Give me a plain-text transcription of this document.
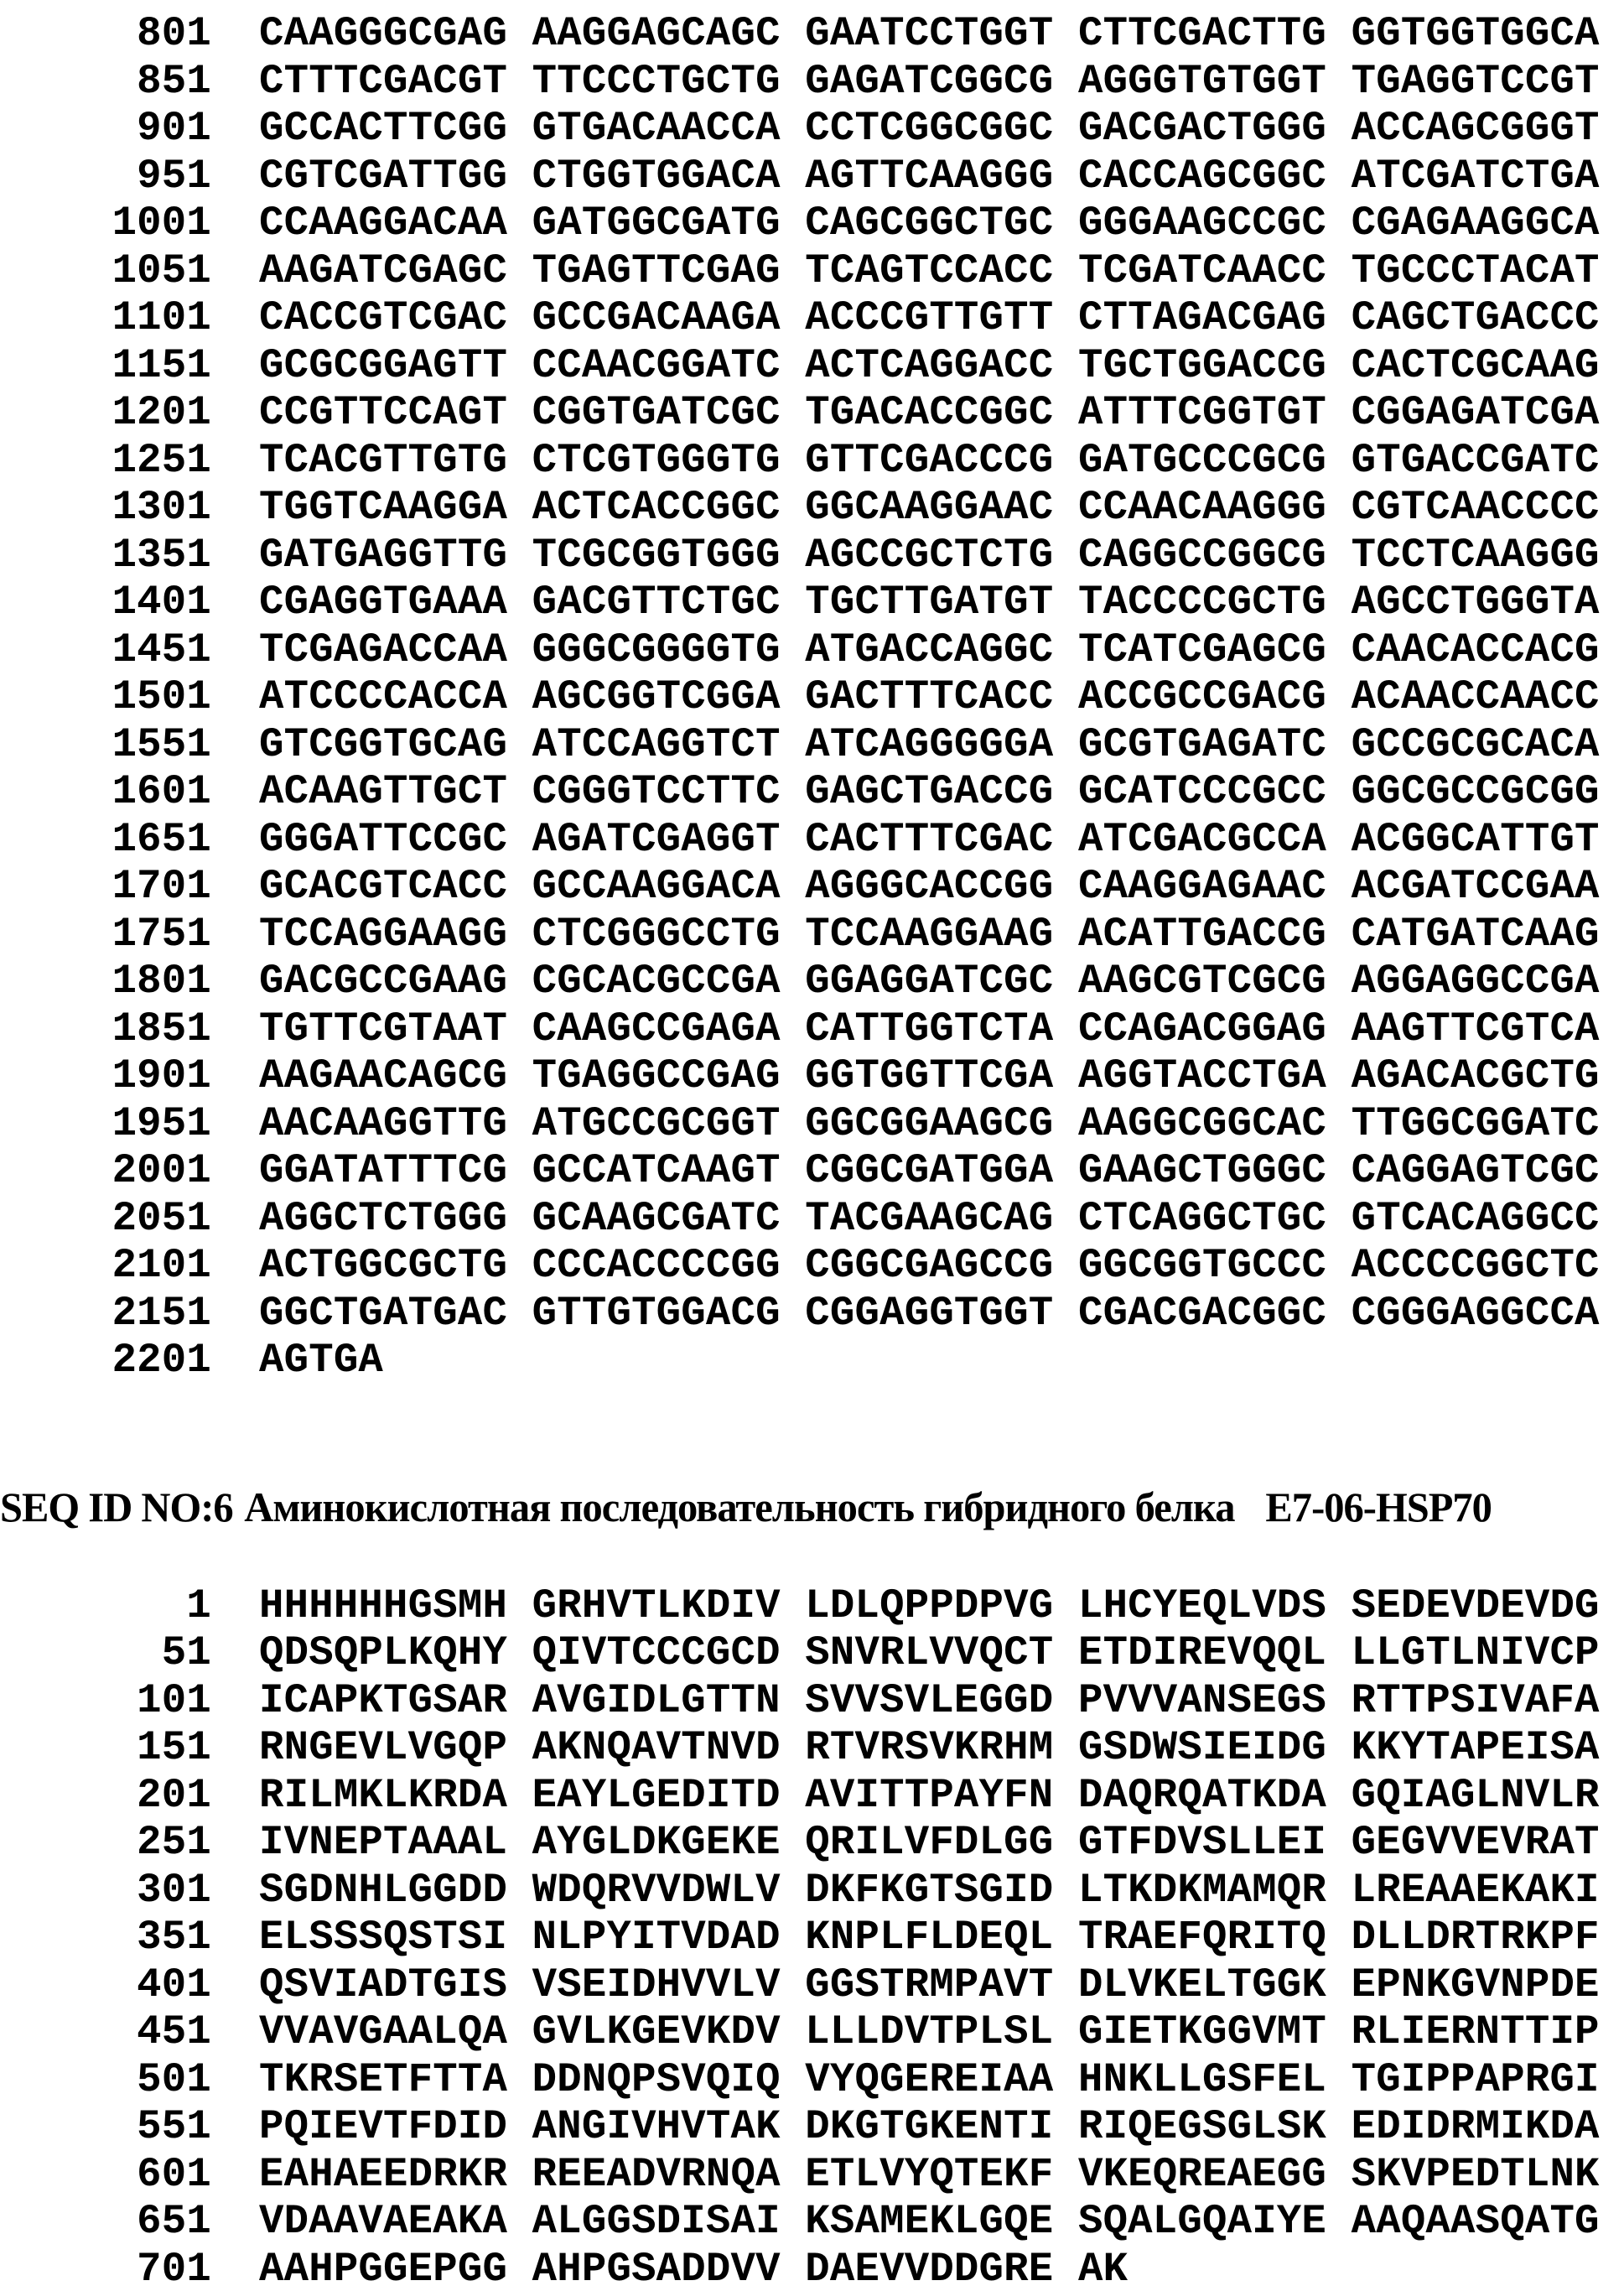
801 CAAGGGCGAG AAGGAGCAGC GAATCCTGGT CTTCGACTTG GGTGGTGGCA
851 CTTTCGACGT TTCCCTGCTG GAGATCGGCG AGGGTGTGGT TGAGGTCCGT
901 GCCACTTCGG GTGACAACCA CCTCGGCGGC GACGACTGGG ACCAGCGGGT
951 CGTCGATTGG CTGGTGGACA AGTTCAAGGG CACCAGCGGC ATCGATCTGA
1001 CCAAGGACAA GATGGCGATG CAGCGGCTGC GGGAAGCCGC CGAGAAGGCA
1051 AAGATCGAGC TGAGTTCGAG TCAGTCCACC TCGATCAACC TGCCCTACAT
1101 CACCGTCGAC GCCGACAAGA ACCCGTTGTT CTTAGACGAG CAGCTGACCC
1151 GCGCGGAGTT CCAACGGATC ACTCAGGACC TGCTGGACCG CACTCGCAAG
1201 CCGTTCCAGT CGGTGATCGC TGACACCGGC ATTTCGGTGT CGGAGATCGA
1251 TCACGTTGTG CTCGTGGGTG GTTCGACCCG GATGCCCGCG GTGACCGATC
1301 TGGTCAAGGA ACTCACCGGC GGCAAGGAAC CCAACAAGGG CGTCAACCCC
1351 GATGAGGTTG TCGCGGTGGG AGCCGCTCTG CAGGCCGGCG TCCTCAAGGG
1401 CGAGGTGAAA GACGTTCTGC TGCTTGATGT TACCCCGCTG AGCCTGGGTA
1451 TCGAGACCAA GGGCGGGGTG ATGACCAGGC TCATCGAGCG CAACACCACG
1501 ATCCCCACCA AGCGGTCGGA GACTTTCACC ACCGCCGACG ACAACCAACC
1551 GTCGGTGCAG ATCCAGGTCT ATCAGGGGGA GCGTGAGATC GCCGCGCACA
1601 ACAAGTTGCT CGGGTCCTTC GAGCTGACCG GCATCCCGCC GGCGCCGCGG
1651 GGGATTCCGC AGATCGAGGT CACTTTCGAC ATCGACGCCA ACGGCATTGT
1701 GCACGTCACC GCCAAGGACA AGGGCACCGG CAAGGAGAAC ACGATCCGAA
1751 TCCAGGAAGG CTCGGGCCTG TCCAAGGAAG ACATTGACCG CATGATCAAG
1801 GACGCCGAAG CGCACGCCGA GGAGGATCGC AAGCGTCGCG AGGAGGCCGA
1851 TGTTCGTAAT CAAGCCGAGA CATTGGTCTA CCAGACGGAG AAGTTCGTCA
1901 AAGAACAGCG TGAGGCCGAG GGTGGTTCGA AGGTACCTGA AGACACGCTG
1951 AACAAGGTTG ATGCCGCGGT GGCGGAAGCG AAGGCGGCAC TTGGCGGATC
2001 GGATATTTCG GCCATCAAGT CGGCGATGGA GAAGCTGGGC CAGGAGTCGC
2051 AGGCTCTGGG GCAAGCGATC TACGAAGCAG CTCAGGCTGC GTCACAGGCC
2101 ACTGGCGCTG CCCACCCCGG CGGCGAGCCG GGCGGTGCCC ACCCCGGCTC
2151 GGCTGATGAC GTTGTGGACG CGGAGGTGGT CGACGACGGC CGGGAGGCCA
2201 AGTGA
SEQ ID NO:6 Аминокислотная последовательность гибридного белка Е7-06-HSP70
1 HHHHHHGSMH GRHVTLKDIV LDLQPPDPVG LHCYEQLVDS SEDEVDEVDG
51 QDSQPLKQHY QIVTCCCGCD SNVRLVVQCT ETDIREVQQL LLGTLNIVCP
101 ICAPKTGSAR AVGIDLGTTN SVVSVLEGGD PVVVANSEGS RTTPSIVAFA
151 RNGEVLVGQP AKNQAVTNVD RTVRSVKRHM GSDWSIEIDG KKYTAPEISA
201 RILMKLKRDA EAYLGEDITD AVITTPAYFN DAQRQATKDA GQIAGLNVLR
251 IVNEPTAAAL AYGLDKGEKE QRILVFDLGG GTFDVSLLEI GEGVVEVRAT
301 SGDNHLGGDD WDQRVVDWLV DKFKGTSGID LTKDKMAMQR LREAAEKAKI
351 ELSSSQSTSI NLPYITVDAD KNPLFLDEQL TRAEFQRITQ DLLDRTRKPF
401 QSVIADTGIS VSEIDHVVLV GGSTRMPAVT DLVKELTGGK EPNKGVNPDE
451 VVAVGAALQA GVLKGEVKDV LLLDVTPLSL GIETKGGVMT RLIERNTTIP
501 TKRSETFTTA DDNQPSVQIQ VYQGEREIAA HNKLLGSFEL TGIPPAPRGI
551 PQIEVTFDID ANGIVHVTAK DKGTGKENTI RIQEGSGLSK EDIDRMIKDA
601 EAHAEEDRKR REEADVRNQA ETLVYQTEKF VKEQREAEGG SKVPEDTLNK
651 VDAAVAEAKA ALGGSDISAI KSAMEKLGQE SQALGQAIYE AAQAASQATG
701 AAHPGGEPGG AHPGSADDVV DAEVVDDGRE AK
